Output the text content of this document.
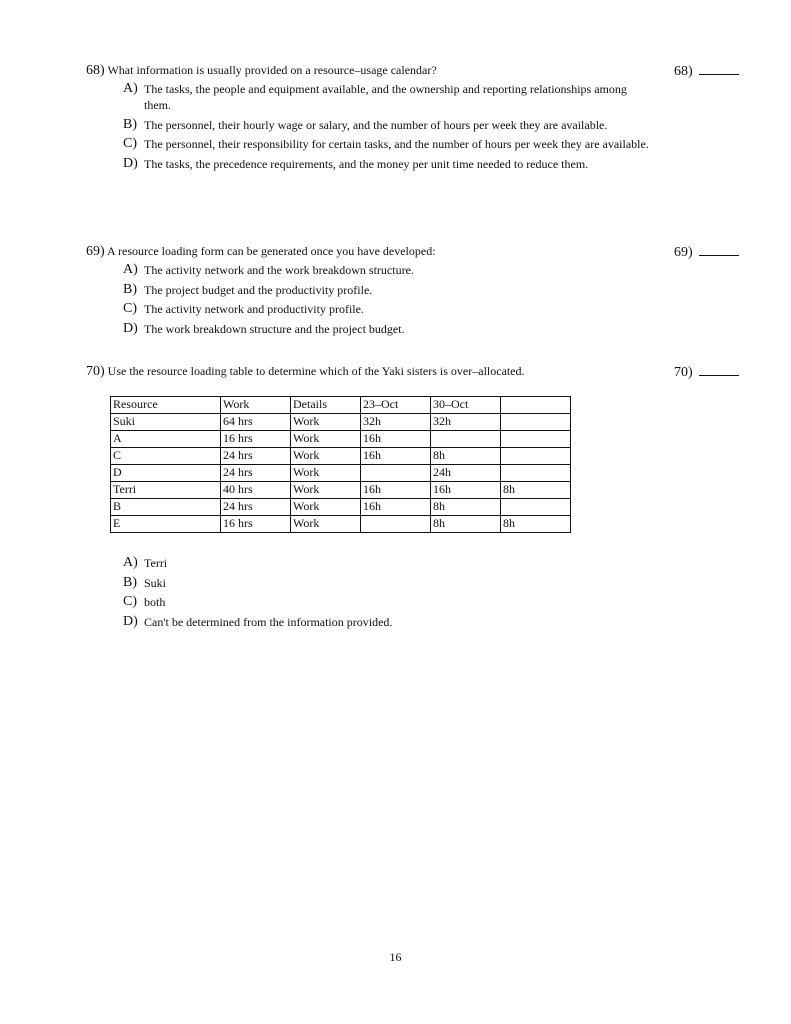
68) What information is usually provided on a resource–usage calendar?	68)
A) The tasks, the people and equipment available, and the ownership and reporting relationships among them.
B) The personnel, their hourly wage or salary, and the number of hours per week they are available.
C) The personnel, their responsibility for certain tasks, and the number of hours per week they are available.
D) The tasks, the precedence requirements, and the money per unit time needed to reduce them.
69) A resource loading form can be generated once you have developed:	69)
A) The activity network and the work breakdown structure.
B) The project budget and the productivity profile.
C) The activity network and productivity profile.
D) The work breakdown structure and the project budget.
70) Use the resource loading table to determine which of the Yaki sisters is over–allocated.	70)
Resource	Work	Details	23–Oct	30–Oct	
Suki	64 hrs	Work	32h	32h	
A	16 hrs	Work	16h		
C	24 hrs	Work	16h	8h	
D	24 hrs	Work		24h	
Terri	40 hrs	Work	16h	16h	8h
B	24 hrs	Work	16h	8h	
E	16 hrs	Work		8h	8h
A) Terri
B) Suki
C) both
D) Can't be determined from the information provided.
16
